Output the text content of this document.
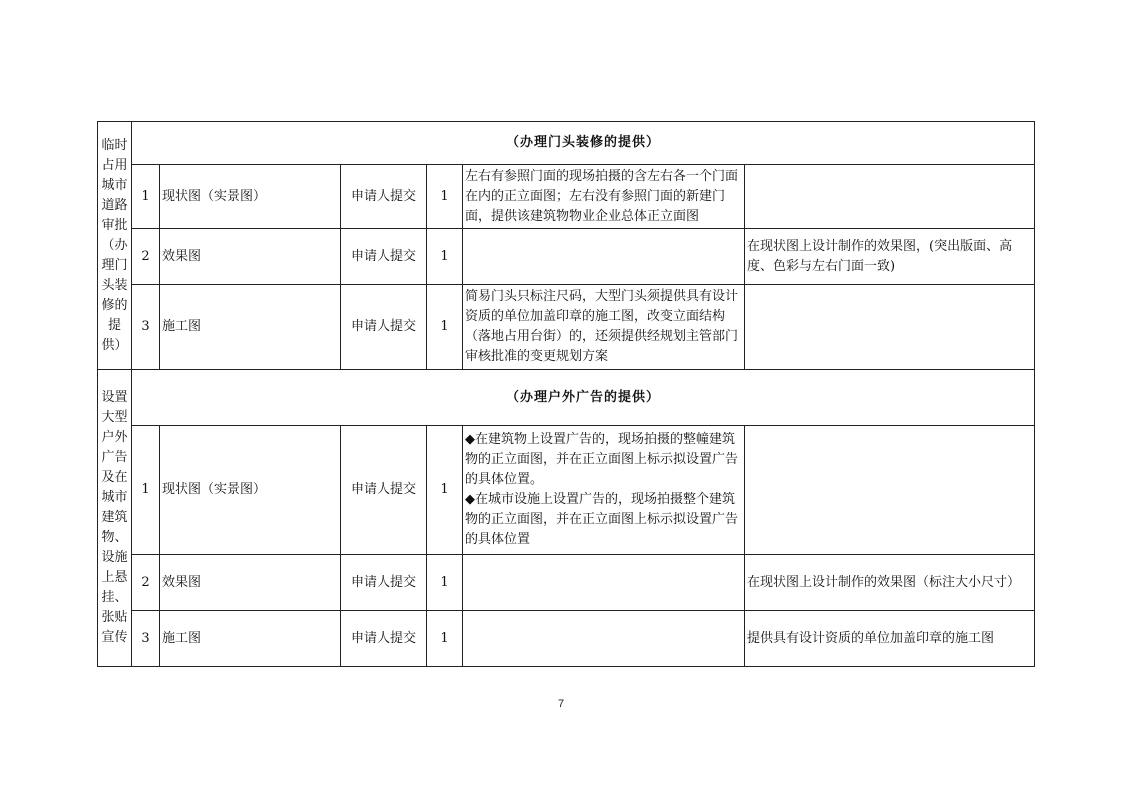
临时占用城市道路审批（办理门头装修的提供）	（办理门头装修的提供）					
	1	现状图（实景图）	申请人提交	1	左右有参照门面的现场拍摄的含左右各一个门面在内的正立面图；左右没有参照门面的新建门面，提供该建筑物物业企业总体正立面图	
	2	效果图	申请人提交	1		在现状图上设计制作的效果图，(突出版面、高度、色彩与左右门面一致)
	3	施工图	申请人提交	1	简易门头只标注尺码，大型门头须提供具有设计资质的单位加盖印章的施工图，改变立面结构（落地占用台街）的，还须提供经规划主管部门审核批准的变更规划方案	
设置大型户外广告及在城市建筑物、设施上悬挂、张贴宣传	（办理户外广告的提供）					
	1	现状图（实景图）	申请人提交	1	◆在建筑物上设置广告的，现场拍摄的整幢建筑物的正立面图，并在正立面图上标示拟设置广告的具体位置。
◆在城市设施上设置广告的，现场拍摄整个建筑物的正立面图，并在正立面图上标示拟设置广告的具体位置	

	2	效果图	申请人提交	1		在现状图上设计制作的效果图（标注大小尺寸）
	3	施工图	申请人提交	1		提供具有设计资质的单位加盖印章的施工图
7
